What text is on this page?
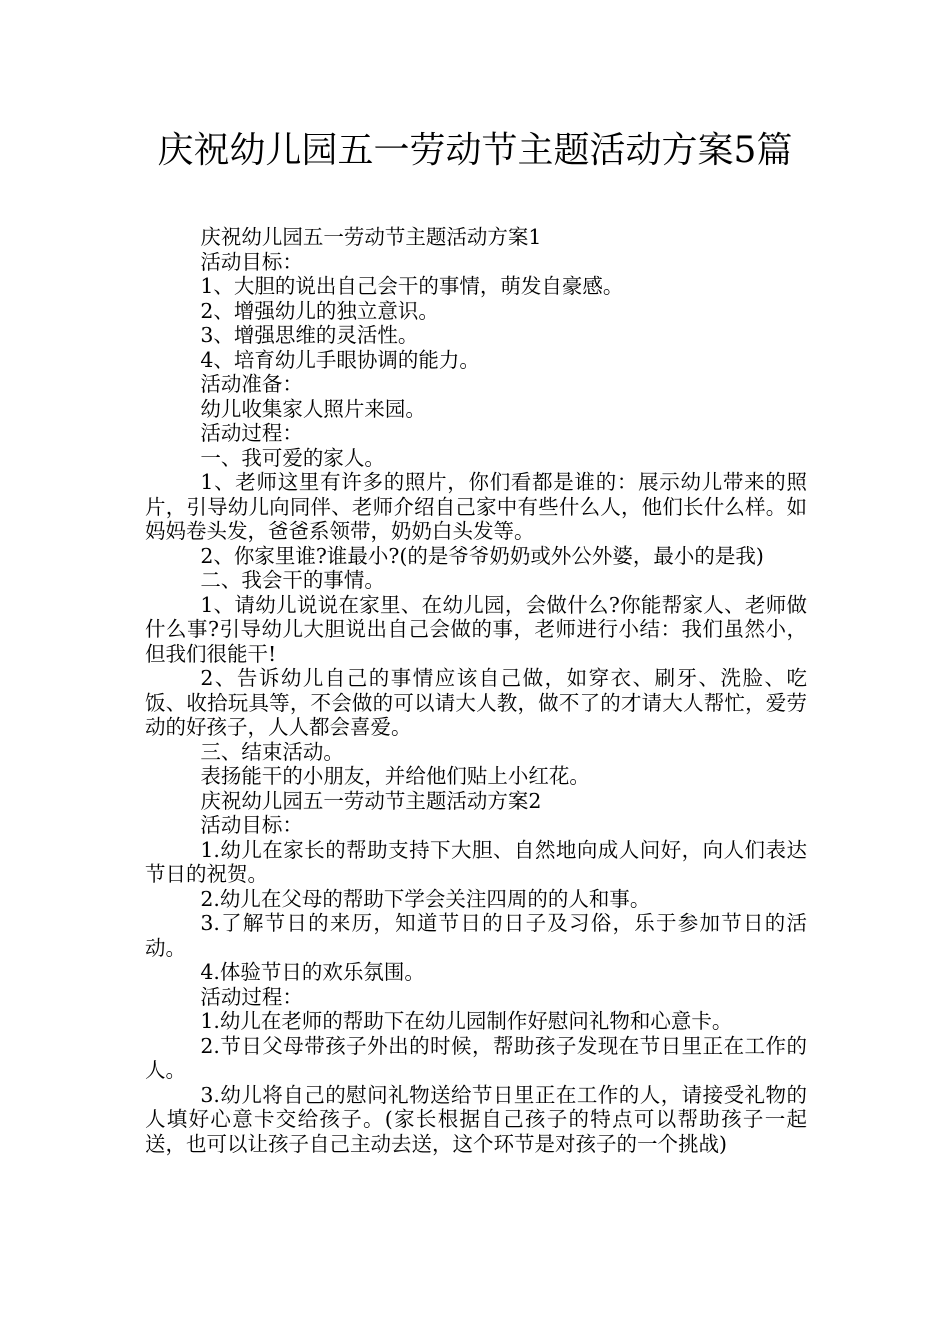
庆祝幼儿园五一劳动节主题活动方案5篇

庆祝幼儿园五一劳动节主题活动方案1

活动目标：

1、大胆的说出自己会干的事情，萌发自豪感。

2、增强幼儿的独立意识。

3、增强思维的灵活性。

4、培育幼儿手眼协调的能力。

活动准备：

幼儿收集家人照片来园。

活动过程：

一、我可爱的家人。

1、老师这里有许多的照片，你们看都是谁的：展示幼儿带来的照片，引导幼儿向同伴、老师介绍自己家中有些什么人，他们长什么样。如妈妈卷头发，爸爸系领带，奶奶白头发等。

2、你家里谁?谁最小?(的是爷爷奶奶或外公外婆，最小的是我)

二、我会干的事情。

1、请幼儿说说在家里、在幼儿园，会做什么?你能帮家人、老师做什么事?引导幼儿大胆说出自己会做的事，老师进行小结：我们虽然小，但我们很能干!

2、告诉幼儿自己的事情应该自己做，如穿衣、刷牙、洗脸、吃饭、收拾玩具等，不会做的可以请大人教，做不了的才请大人帮忙，爱劳动的好孩子，人人都会喜爱。

三、结束活动。

表扬能干的小朋友，并给他们贴上小红花。

庆祝幼儿园五一劳动节主题活动方案2

活动目标：

1.幼儿在家长的帮助支持下大胆、自然地向成人问好，向人们表达节日的祝贺。

2.幼儿在父母的帮助下学会关注四周的的人和事。

3.了解节日的来历，知道节日的日子及习俗，乐于参加节日的活动。

4.体验节日的欢乐氛围。

活动过程：

1.幼儿在老师的帮助下在幼儿园制作好慰问礼物和心意卡。

2.节日父母带孩子外出的时候，帮助孩子发现在节日里正在工作的人。

3.幼儿将自己的慰问礼物送给节日里正在工作的人，请接受礼物的人填好心意卡交给孩子。(家长根据自己孩子的特点可以帮助孩子一起送，也可以让孩子自己主动去送，这个环节是对孩子的一个挑战)
